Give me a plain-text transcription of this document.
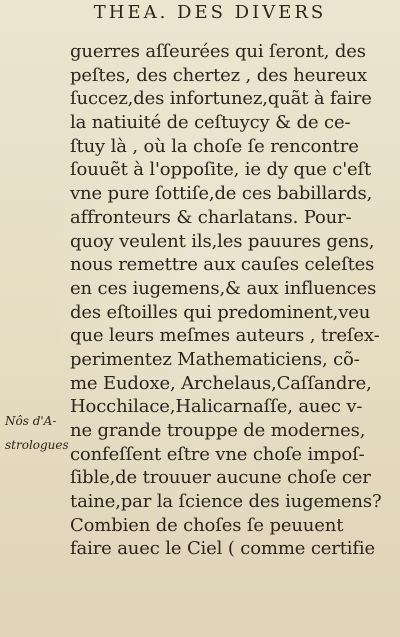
THEA. DES DIVERS
Nôs d'A-
strologues
guerres aſſeurées qui ſeront, des
peſtes, des chertez , des heureux
ſuccez,des infortunez,quãt à faire
la natiuité de ceſtuycy & de ce-
ſtuy là , où la choſe ſe rencontre
ſouuẽt à l'oppoſite, ie dy que c'eſt
vne pure ſottiſe,de ces babillards,
affronteurs & charlatans. Pour-
quoy veulent ils,les pauures gens,
nous remettre aux cauſes celeſtes
en ces iugemens,& aux influences
des eſtoilles qui predominent,veu
que leurs meſmes auteurs , treſex-
perimentez Mathematiciens, cõ-
me Eudoxe, Archelaus,Caſſandre,
Hocchilace,Halicarnaſſe, auec v-
ne grande trouppe de modernes,
confeſſent eſtre vne choſe impoſ-
ſible,de trouuer aucune choſe cer
taine,par la ſcience des iugemens?
Combien de choſes ſe peuuent
faire auec le Ciel ( comme certifie
